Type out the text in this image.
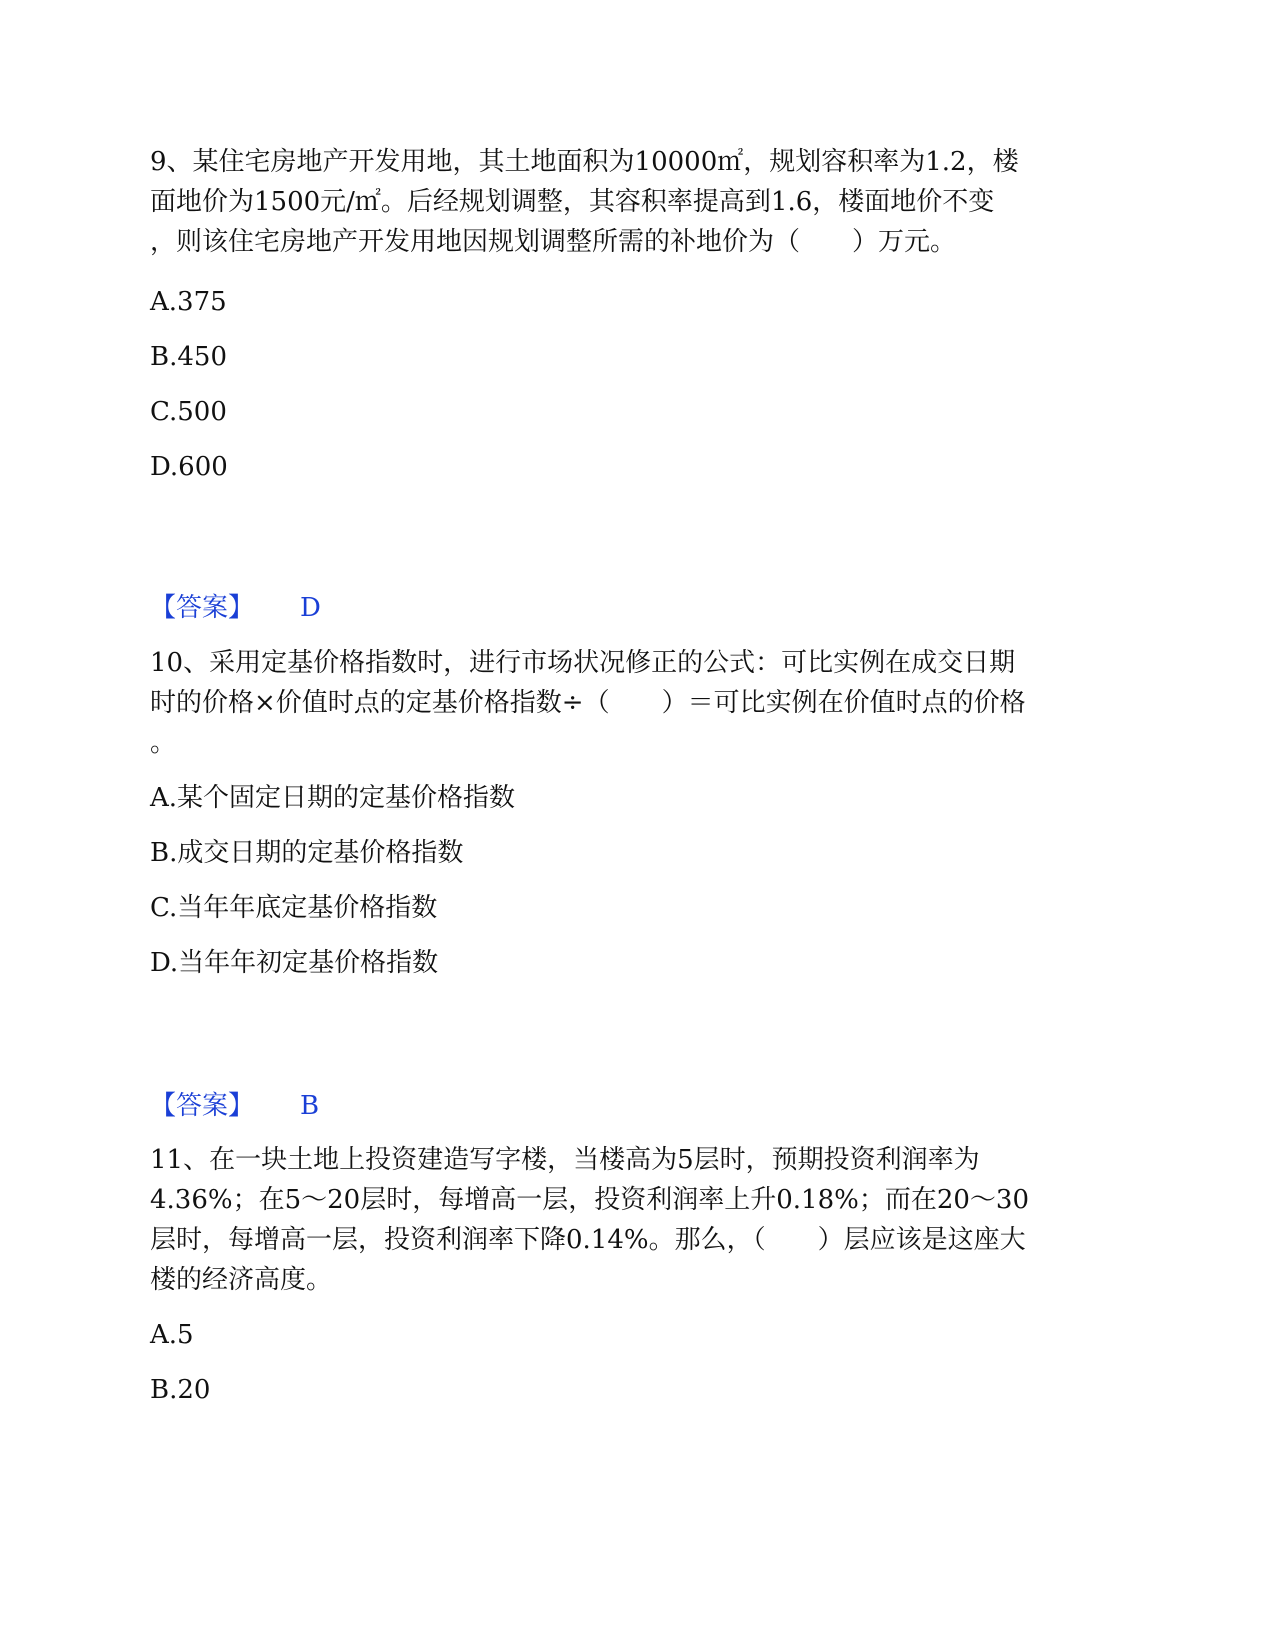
9、某住宅房地产开发用地，其土地面积为10000㎡，规划容积率为1.2，楼
面地价为1500元/㎡。后经规划调整，其容积率提高到1.6，楼面地价不变
，则该住宅房地产开发用地因规划调整所需的补地价为（　　）万元。
A.375
B.450
C.500
D.600
【答案】 D
10、采用定基价格指数时，进行市场状况修正的公式：可比实例在成交日期
时的价格×价值时点的定基价格指数÷（　　）＝可比实例在价值时点的价格
。
A.某个固定日期的定基价格指数
B.成交日期的定基价格指数
C.当年年底定基价格指数
D.当年年初定基价格指数
【答案】 B
11、在一块土地上投资建造写字楼，当楼高为5层时，预期投资利润率为
4.36%；在5～20层时，每增高一层，投资利润率上升0.18%；而在20～30
层时，每增高一层，投资利润率下降0.14%。那么，（　　）层应该是这座大
楼的经济高度。
A.5
B.20
